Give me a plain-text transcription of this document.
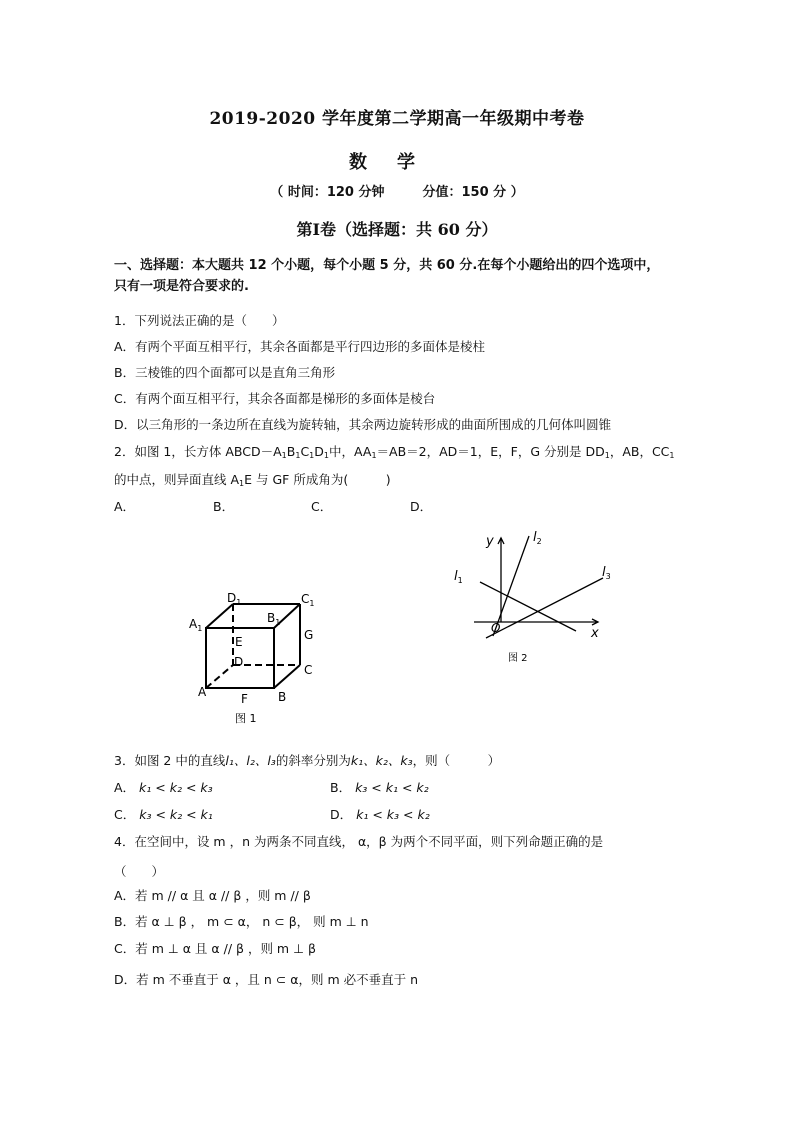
2019-2020 学年度第二学期高一年级期中考卷
数学
（ 时间：120 分钟	分值：150 分 ）
第Ⅰ卷（选择题：共 60 分）
一、选择题：本大题共 12 个小题，每个小题 5 分，共 60 分.在每个小题给出的四个选项中，
只有一项是符合要求的.
1．下列说法正确的是（　　）
A．有两个平面互相平行，其余各面都是平行四边形的多面体是棱柱
B．三棱锥的四个面都可以是直角三角形
C．有两个面互相平行，其余各面都是梯形的多面体是棱台
D．以三角形的一条边所在直线为旋转轴，其余两边旋转形成的曲面所围成的几何体叫圆锥
2．如图 1，长方体 $ABCD-A_1B_1C_1D_1$中，$AA_1=AB=2$，AD＝1，E，F，G 分别是 $DD_1$，AB，$CC_1$
的中点，则异面直线 $A_1E$ 与 GF 所成角为(　　　)
A．	B．	C．	D．
$D_1$	$C_1$
$A_1$
$B_1$
G
E
D
C
A	B
F
图 1
y
x
O
$l_1$
$l_2$
$l_3$
图 2
3．如图 2 中的直线l₁、l₂、l₃的斜率分别为k₁、k₂、k₃，则（　　　）
A． k₁ < k₂ < k₃	B． k₃ < k₁ < k₂
C． k₃ < k₂ < k₁	D． k₁ < k₃ < k₂
4．在空间中，设 m ，n 为两条不同直线， α，β 为两个不同平面，则下列命题正确的是
（　　）
A．若 m // α 且 α // β ，则 m // β
B．若 α ⊥ β ， m ⊂ α， n ⊂ β， 则 m ⊥ n
C．若 m ⊥ α 且 α // β ，则 m ⊥ β
D．若 m 不垂直于 α ，且 n ⊂ α，则 m 必不垂直于 n
